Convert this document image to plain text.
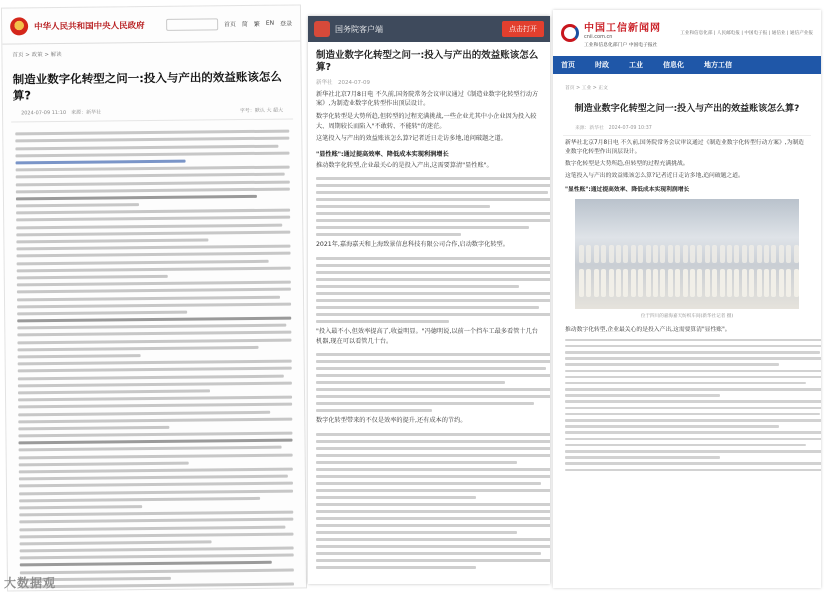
中华人民共和国中央人民政府	首页 简 繁 EN 登录
首页 > 政策 > 解读
制造业数字化转型之问一:投入与产出的效益账该怎么算?
2024-07-09 11:10　来源：新华社	字号：默认 大 超大
国务院客户端	点击打开
制造业数字化转型之问一:投入与产出的效益账该怎么算?
新华社　2024-07-09
新华社北京7月8日电 不久前,国务院常务会议审议通过《制造业数字化转型行动方案》,为制造业数字化转型作出顶层设计。
数字化转型是大势所趋,但转型的过程充满挑战,一些企业尤其中小企业因为投入较大、周期较长而陷入"不敢转、不能转"的迷茫。
这笔投入与产出的效益账该怎么算?记者近日走访多地,追问破题之道。
"显性账":通过提高效率、降低成本实现利润增长
推动数字化转型,企业最关心的是投入产出,这需要算清"显性账"。
2021年,嘉海嘉天和上海致景信息科技有限公司合作,启动数字化转型。
"投入最不小,但效率提高了,收益明显。"冯德明说,以前一个挡车工最多看管十几台机器,现在可以看管几十台。
数字化转型带来的不仅是效率的提升,还有成本的节约。
中国工信新闻网
cnii.com.cn
工业和信息化部门户 中国电子报社
工业和信息化部 | 人民邮电报 | 中国电子报 | 通信业 | 通信产业报
首页	时政	工业	信息化	地方工信
首页 > 工业 > 正文
制造业数字化转型之问一:投入与产出的效益账该怎么算?
来源：新华社　2024-07-09 10:37
新华社北京7月8日电 不久前,国务院常务会议审议通过《制造业数字化转型行动方案》,为制造业数字化转型作出顶层设计。
数字化转型是大势所趋,但转型的过程充满挑战。
这笔投入与产出的效益账该怎么算?记者近日走访多地,追问破题之道。
"显性账":通过提高效率、降低成本实现利润增长
位于四川的嘉海嘉天纺织车间(新华社记者 摄)
推动数字化转型,企业最关心的是投入产出,这需要算清"显性账"。
大数据观
